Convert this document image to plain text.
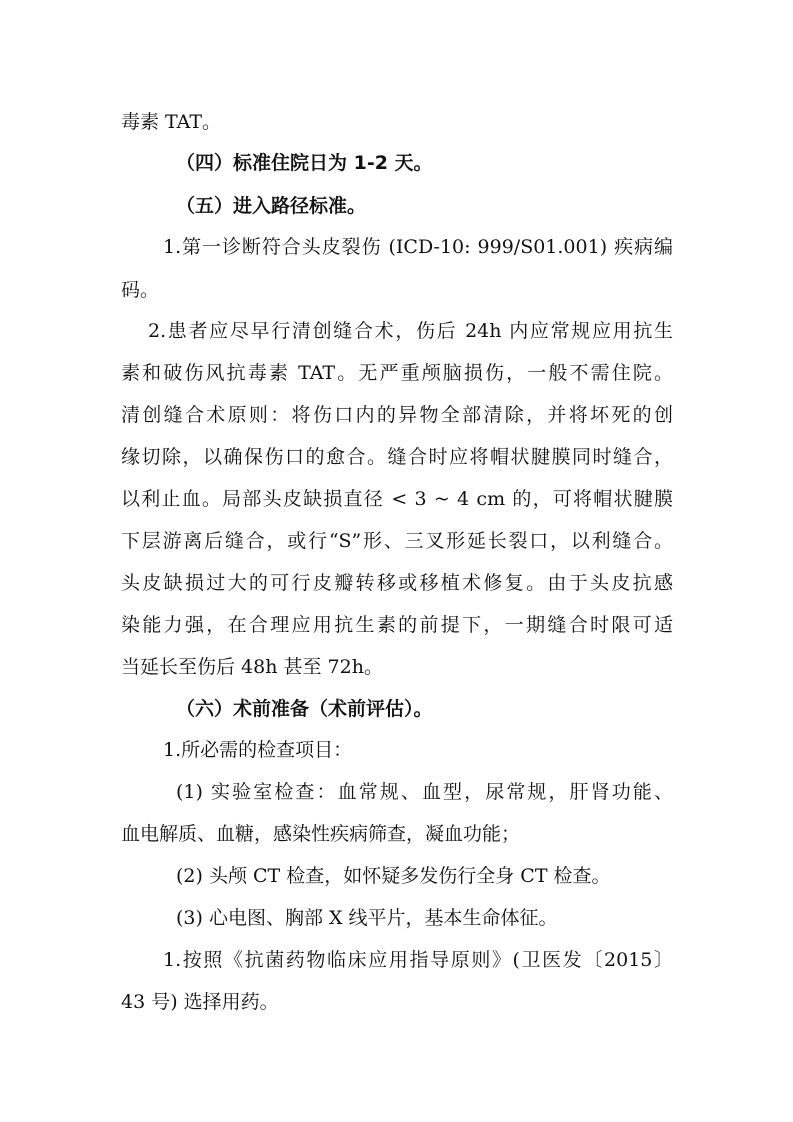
毒素 TAT。
（四）标准住院日为 1-2 天。
（五）进入路径标准。
1.第一诊断符合头皮裂伤 (ICD-10: 999/S01.001) 疾病编
码。
2.患者应尽早行清创缝合术，伤后 24h 内应常规应用抗生
素和破伤风抗毒素 TAT。无严重颅脑损伤，一般不需住院。
清创缝合术原则：将伤口内的异物全部清除，并将坏死的创
缘切除，以确保伤口的愈合。缝合时应将帽状腱膜同时缝合，
以利止血。局部头皮缺损直径 < 3 ~ 4 cm 的，可将帽状腱膜
下层游离后缝合，或行“S”形、三叉形延长裂口，以利缝合。
头皮缺损过大的可行皮瓣转移或移植术修复。由于头皮抗感
染能力强，在合理应用抗生素的前提下，一期缝合时限可适
当延长至伤后 48h 甚至 72h。
（六）术前准备（术前评估）。
1.所必需的检查项目：
(1) 实验室检查：血常规、血型，尿常规，肝肾功能、
血电解质、血糖，感染性疾病筛查，凝血功能；
(2) 头颅 CT 检查，如怀疑多发伤行全身 CT 检查。
(3) 心电图、胸部 X 线平片，基本生命体征。
1.按照《抗菌药物临床应用指导原则》(卫医发〔2015〕
43 号) 选择用药。
